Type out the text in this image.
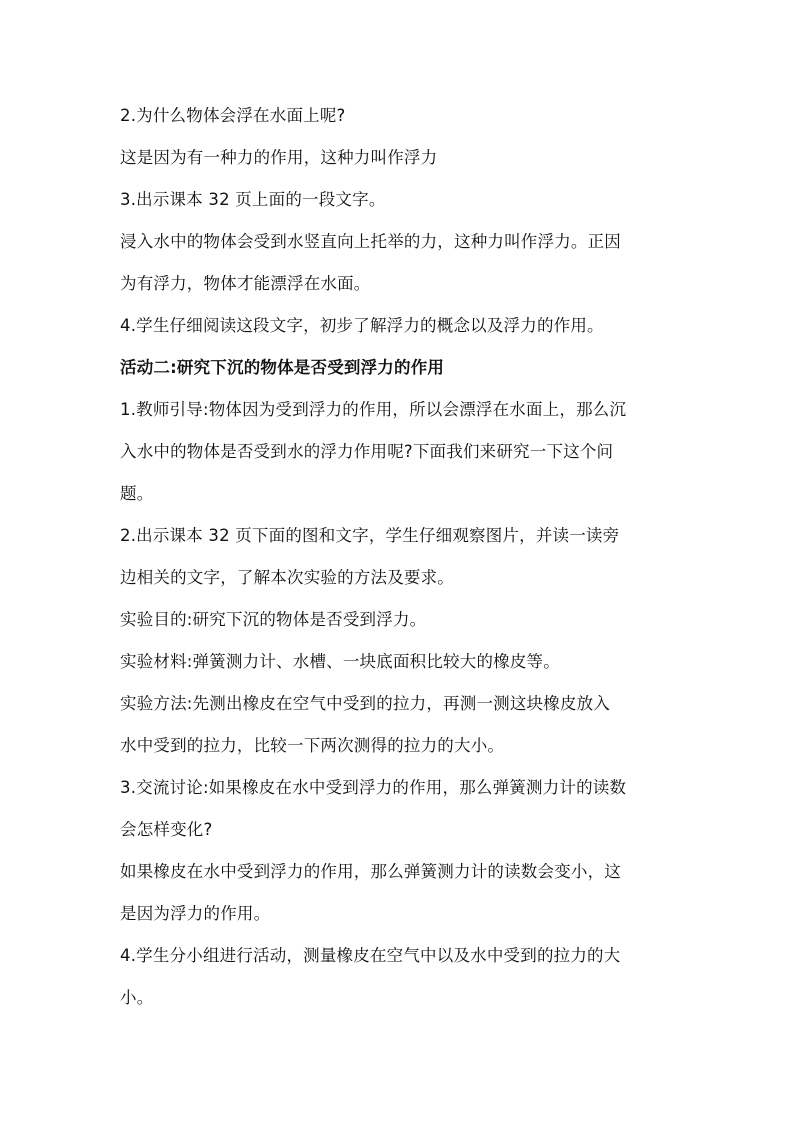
2.为什么物体会浮在水面上呢?

这是因为有一种力的作用，这种力叫作浮力

3.出示课本 32 页上面的一段文字。

浸入水中的物体会受到水竖直向上托举的力，这种力叫作浮力。正因

为有浮力，物体才能漂浮在水面。

4.学生仔细阅读这段文字，初步了解浮力的概念以及浮力的作用。

活动二:研究下沉的物体是否受到浮力的作用

1.教师引导:物体因为受到浮力的作用，所以会漂浮在水面上，那么沉

入水中的物体是否受到水的浮力作用呢?下面我们来研究一下这个问

题。

2.出示课本 32 页下面的图和文字，学生仔细观察图片，并读一读旁

边相关的文字，了解本次实验的方法及要求。

实验目的:研究下沉的物体是否受到浮力。

实验材料:弹簧测力计、水槽、一块底面积比较大的橡皮等。

实验方法:先测出橡皮在空气中受到的拉力，再测一测这块橡皮放入

水中受到的拉力，比较一下两次测得的拉力的大小。

3.交流讨论:如果橡皮在水中受到浮力的作用，那么弹簧测力计的读数

会怎样变化?

如果橡皮在水中受到浮力的作用，那么弹簧测力计的读数会变小，这

是因为浮力的作用。

4.学生分小组进行活动，测量橡皮在空气中以及水中受到的拉力的大

小。
